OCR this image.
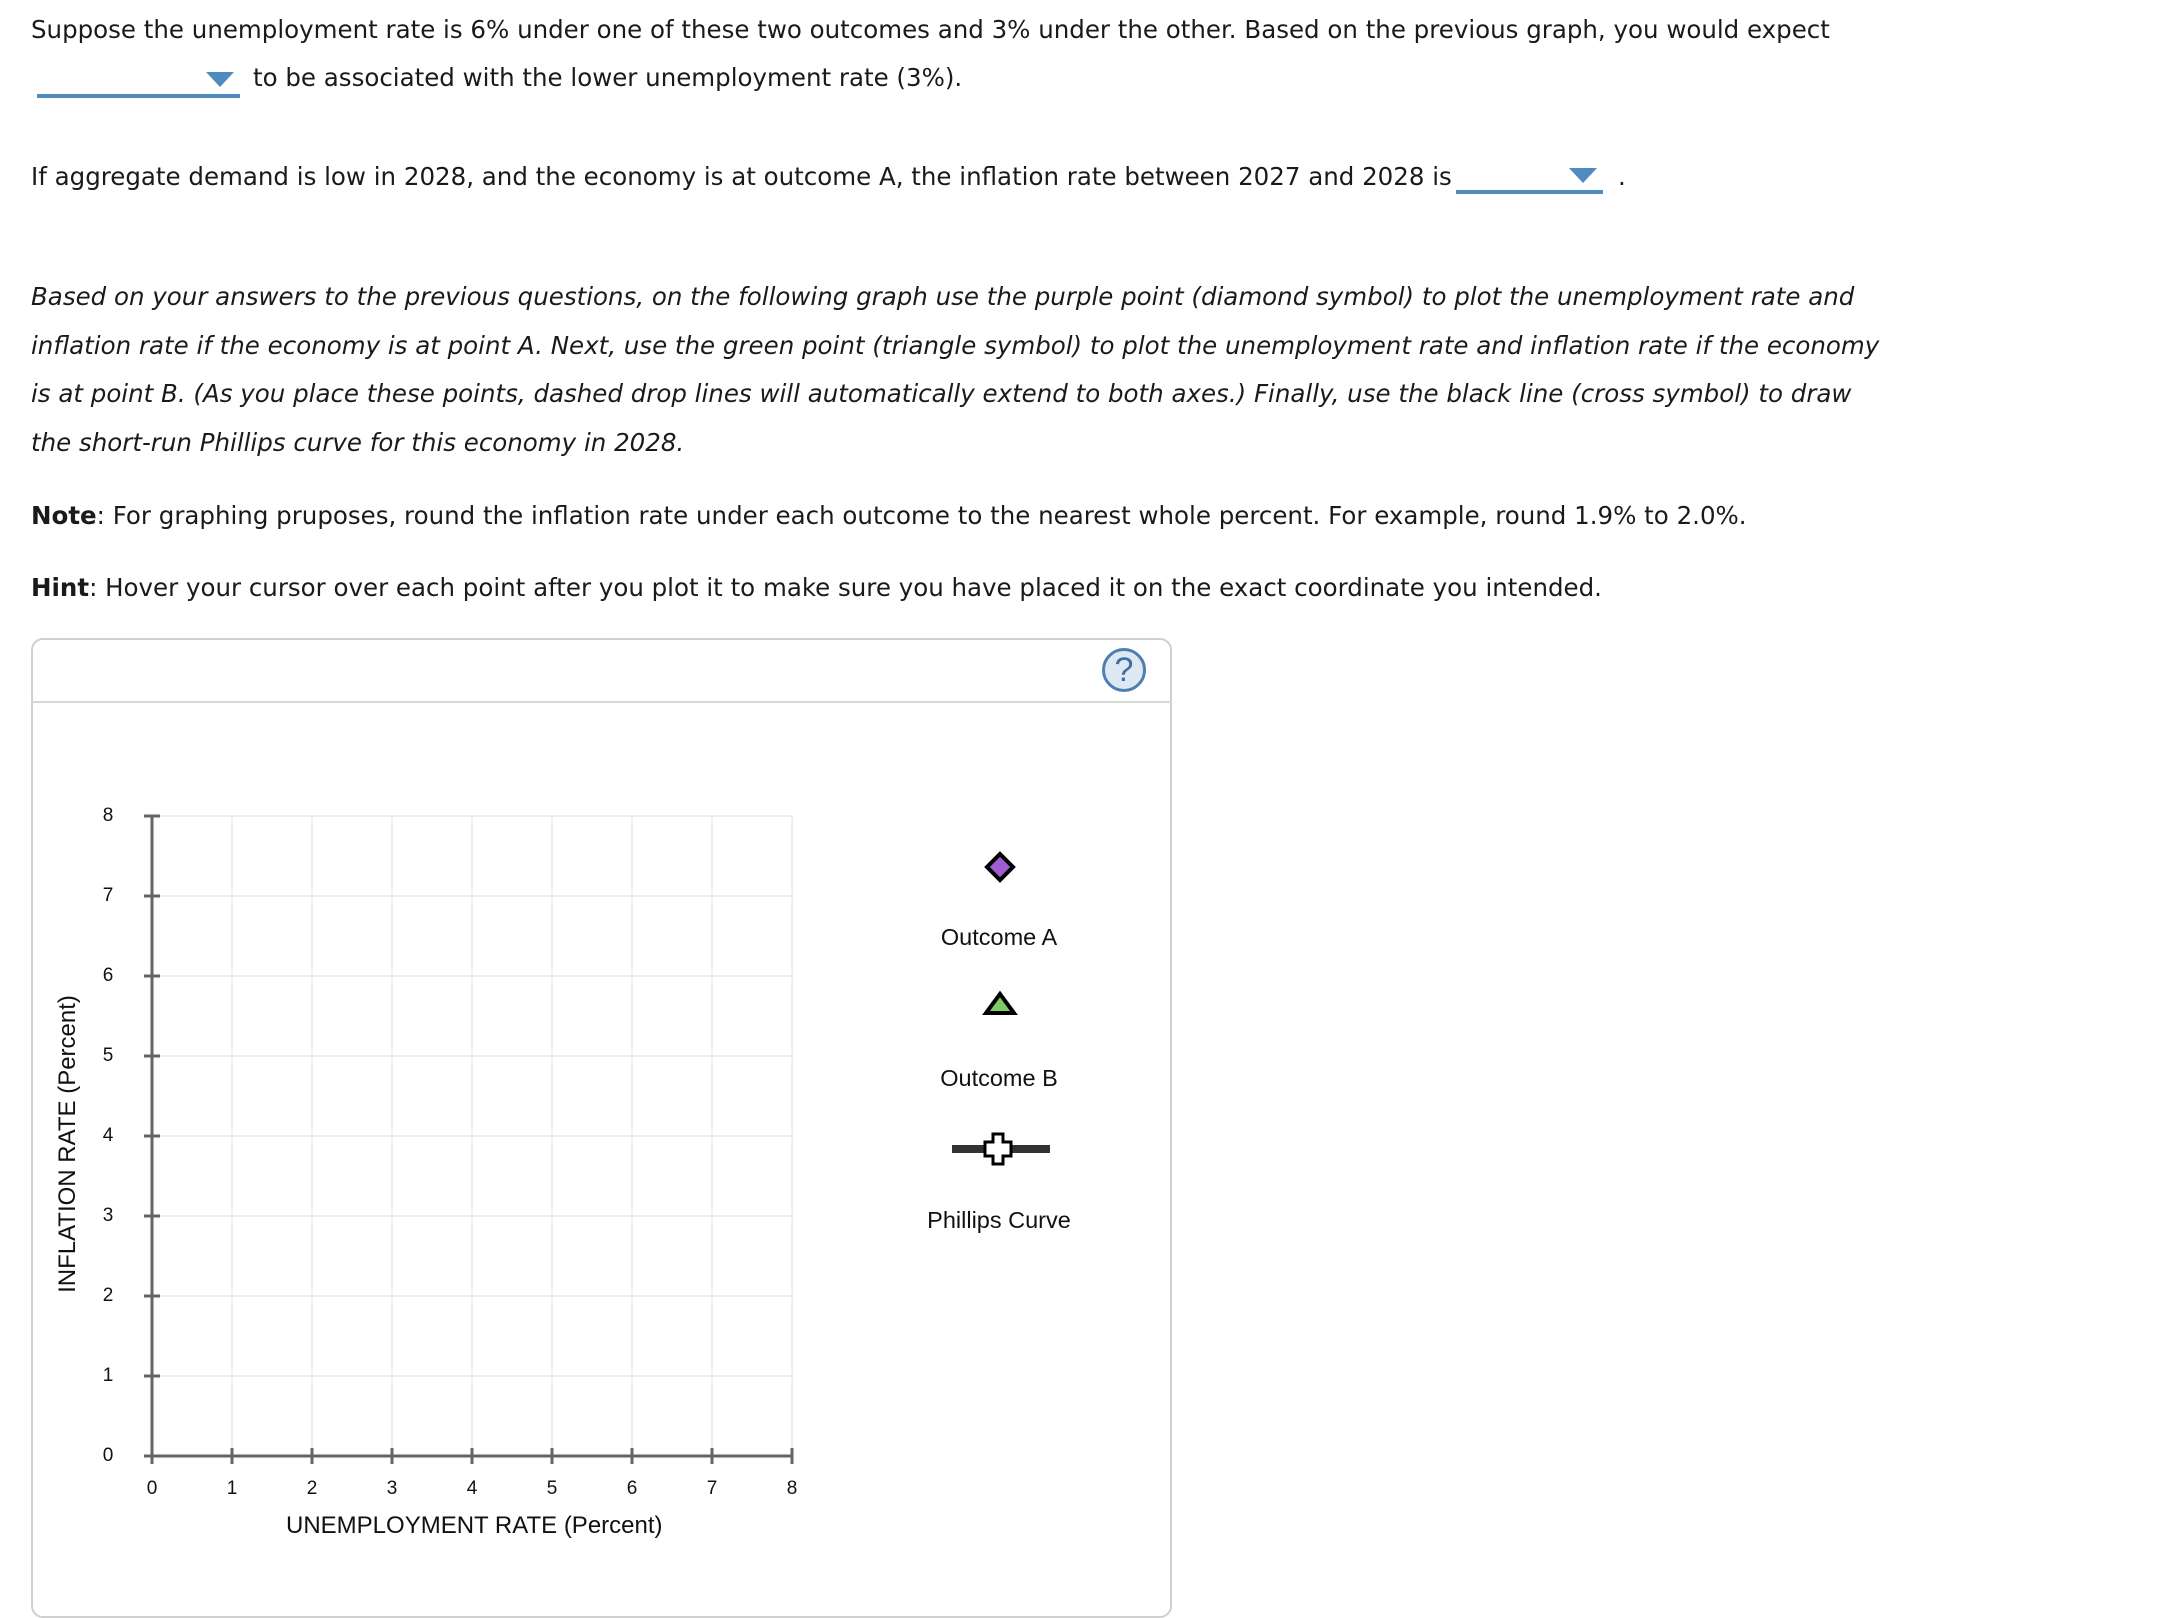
Suppose the unemployment rate is 6% under one of these two outcomes and 3% under the other. Based on the previous graph, you would expect
to be associated with the lower unemployment rate (3%).
If aggregate demand is low in 2028, and the economy is at outcome A, the inflation rate between 2027 and 2028 is	.
Based on your answers to the previous questions, on the following graph use the purple point (diamond symbol) to plot the unemployment rate and
inflation rate if the economy is at point A. Next, use the green point (triangle symbol) to plot the unemployment rate and inflation rate if the economy
is at point B. (As you place these points, dashed drop lines will automatically extend to both axes.) Finally, use the black line (cross symbol) to draw
the short-run Phillips curve for this economy in 2028.
Note: For graphing pruposes, round the inflation rate under each outcome to the nearest whole percent. For example, round 1.9% to 2.0%.
Hint: Hover your cursor over each point after you plot it to make sure you have placed it on the exact coordinate you intended.
?
8
7
6
5
4
3
2
1
0
0	1	2	3	4	5	6	7	8
UNEMPLOYMENT RATE (Percent)
INFLATION RATE (Percent)
Outcome A
Outcome B
Phillips Curve
